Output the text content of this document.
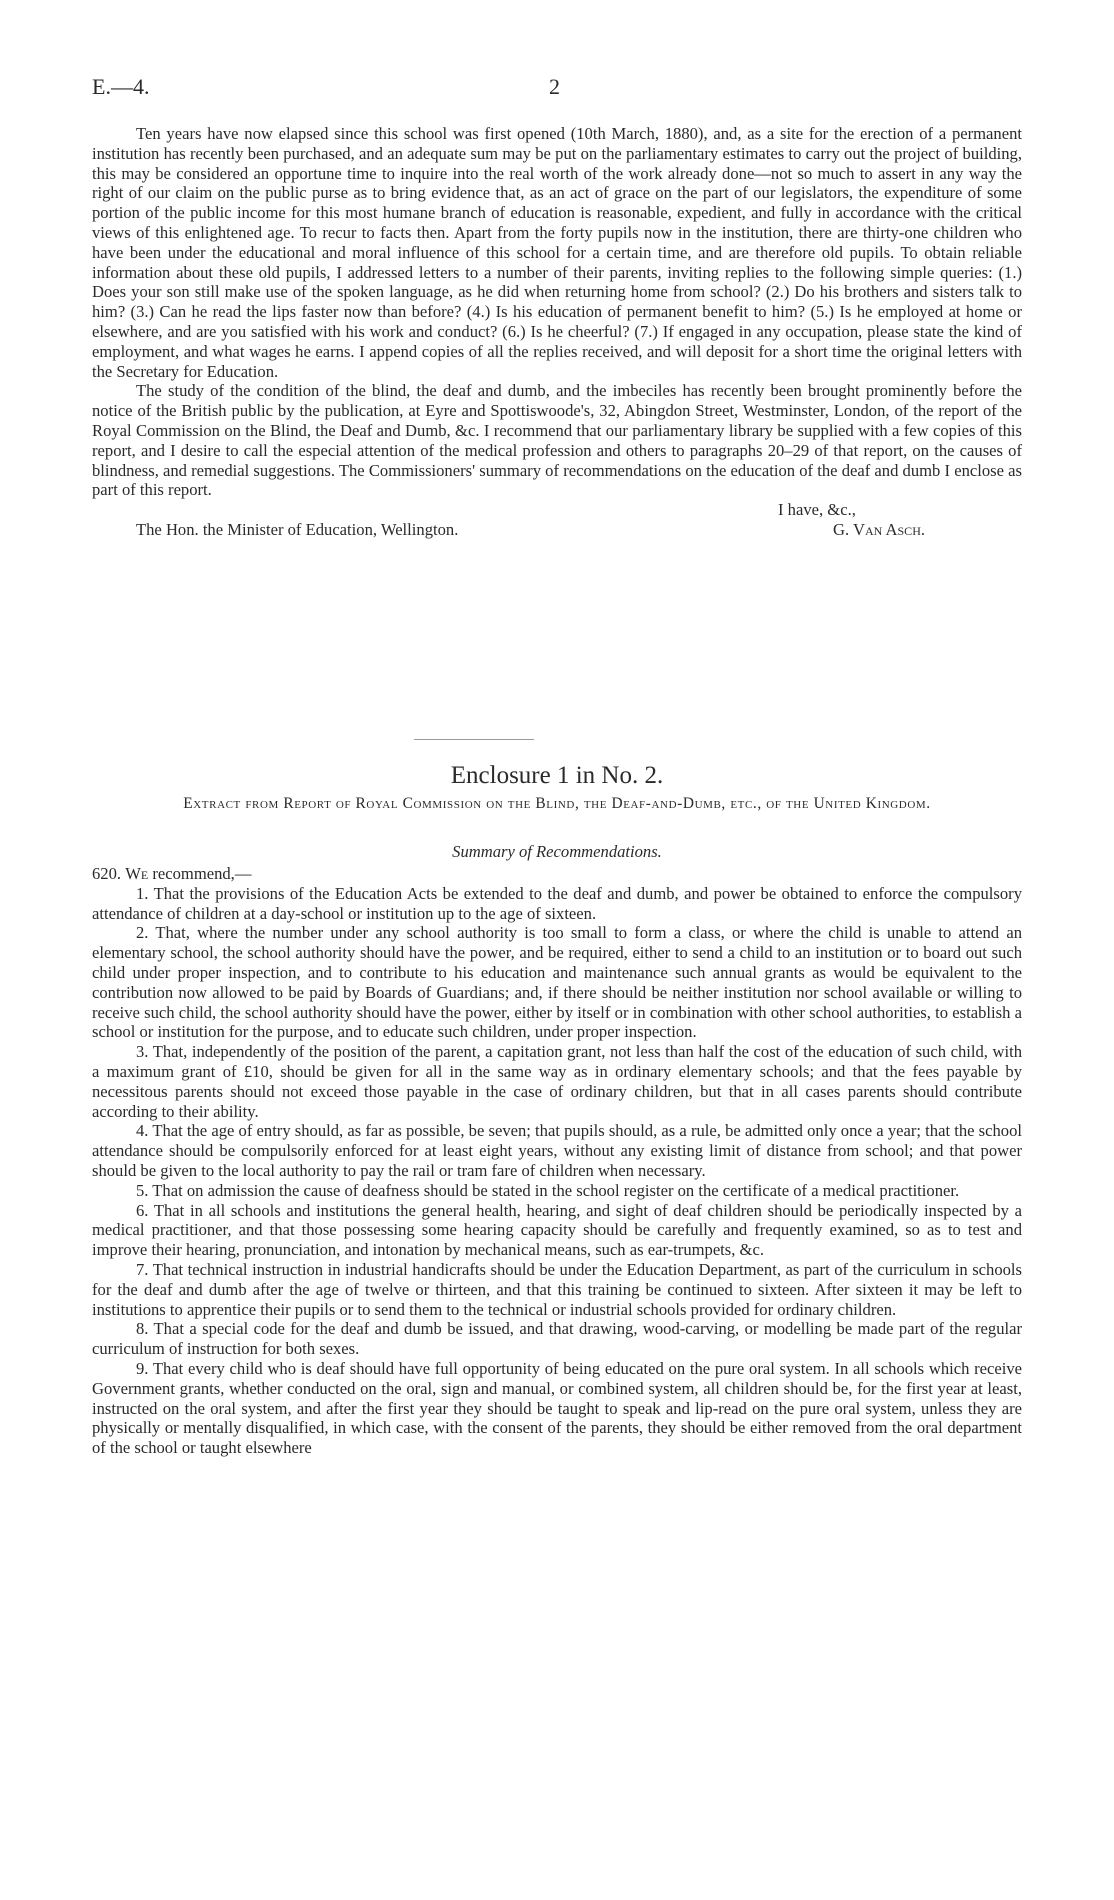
E.—4.	2

Ten years have now elapsed since this school was first opened (10th March, 1880), and, as a site for the erection of a permanent institution has recently been purchased, and an adequate sum may be put on the parliamentary estimates to carry out the project of building, this may be considered an opportune time to inquire into the real worth of the work already done—not so much to assert in any way the right of our claim on the public purse as to bring evidence that, as an act of grace on the part of our legislators, the expenditure of some portion of the public income for this most humane branch of education is reasonable, expedient, and fully in accordance with the critical views of this enlightened age. To recur to facts then. Apart from the forty pupils now in the institution, there are thirty-one children who have been under the educational and moral influence of this school for a certain time, and are therefore old pupils. To obtain reliable information about these old pupils, I addressed letters to a number of their parents, inviting replies to the following simple queries: (1.) Does your son still make use of the spoken language, as he did when returning home from school? (2.) Do his brothers and sisters talk to him? (3.) Can he read the lips faster now than before? (4.) Is his education of permanent benefit to him? (5.) Is he employed at home or elsewhere, and are you satisfied with his work and conduct? (6.) Is he cheerful? (7.) If engaged in any occupation, please state the kind of employment, and what wages he earns. I append copies of all the replies received, and will deposit for a short time the original letters with the Secretary for Education.

The study of the condition of the blind, the deaf and dumb, and the imbeciles has recently been brought prominently before the notice of the British public by the publication, at Eyre and Spottiswoode's, 32, Abingdon Street, Westminster, London, of the report of the Royal Commission on the Blind, the Deaf and Dumb, &c. I recommend that our parliamentary library be supplied with a few copies of this report, and I desire to call the especial attention of the medical profession and others to paragraphs 20–29 of that report, on the causes of blindness, and remedial suggestions. The Commissioners' summary of recommendations on the education of the deaf and dumb I enclose as part of this report.

I have, &c.,
The Hon. the Minister of Education, Wellington.	G. Van Asch.
Enclosure 1 in No. 2.
Extract from Report of Royal Commission on the Blind, the Deaf-and-Dumb, etc., of the United Kingdom.
Summary of Recommendations.

620. We recommend,—

1. That the provisions of the Education Acts be extended to the deaf and dumb, and power be obtained to enforce the compulsory attendance of children at a day-school or institution up to the age of sixteen.

2. That, where the number under any school authority is too small to form a class, or where the child is unable to attend an elementary school, the school authority should have the power, and be required, either to send a child to an institution or to board out such child under proper inspection, and to contribute to his education and maintenance such annual grants as would be equivalent to the contribution now allowed to be paid by Boards of Guardians; and, if there should be neither institution nor school available or willing to receive such child, the school authority should have the power, either by itself or in combination with other school authorities, to establish a school or institution for the purpose, and to educate such children, under proper inspection.

3. That, independently of the position of the parent, a capitation grant, not less than half the cost of the education of such child, with a maximum grant of £10, should be given for all in the same way as in ordinary elementary schools; and that the fees payable by necessitous parents should not exceed those payable in the case of ordinary children, but that in all cases parents should contribute according to their ability.

4. That the age of entry should, as far as possible, be seven; that pupils should, as a rule, be admitted only once a year; that the school attendance should be compulsorily enforced for at least eight years, without any existing limit of distance from school; and that power should be given to the local authority to pay the rail or tram fare of children when necessary.

5. That on admission the cause of deafness should be stated in the school register on the certificate of a medical practitioner.

6. That in all schools and institutions the general health, hearing, and sight of deaf children should be periodically inspected by a medical practitioner, and that those possessing some hearing capacity should be carefully and frequently examined, so as to test and improve their hearing, pronunciation, and intonation by mechanical means, such as ear-trumpets, &c.

7. That technical instruction in industrial handicrafts should be under the Education Department, as part of the curriculum in schools for the deaf and dumb after the age of twelve or thirteen, and that this training be continued to sixteen. After sixteen it may be left to institutions to apprentice their pupils or to send them to the technical or industrial schools provided for ordinary children.

8. That a special code for the deaf and dumb be issued, and that drawing, wood-carving, or modelling be made part of the regular curriculum of instruction for both sexes.

9. That every child who is deaf should have full opportunity of being educated on the pure oral system. In all schools which receive Government grants, whether conducted on the oral, sign and manual, or combined system, all children should be, for the first year at least, instructed on the oral system, and after the first year they should be taught to speak and lip-read on the pure oral system, unless they are physically or mentally disqualified, in which case, with the consent of the parents, they should be either removed from the oral department of the school or taught elsewhere
